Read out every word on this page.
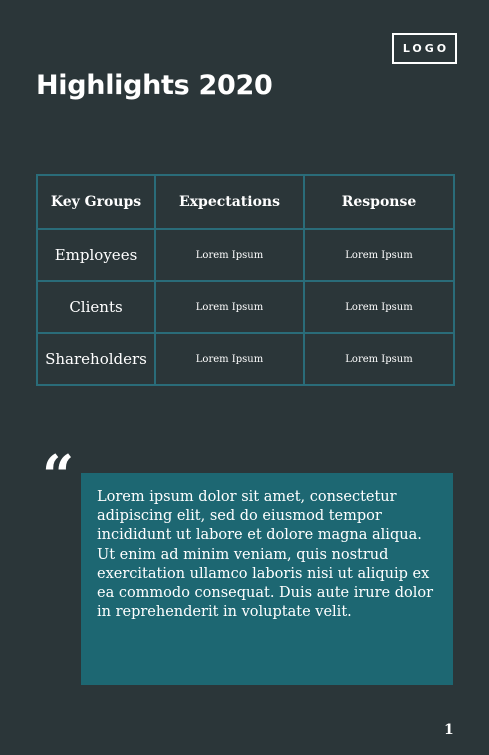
LOGO
Highlights 2020
Key Groups	Expectations	Response
Employees	Lorem Ipsum	Lorem Ipsum
Clients	Lorem Ipsum	Lorem Ipsum
Shareholders	Lorem Ipsum	Lorem Ipsum
“ Lorem ipsum dolor sit amet, consectetur adipiscing elit, sed do eiusmod tempor incididunt ut labore et dolore magna aliqua. Ut enim ad minim veniam, quis nostrud exercitation ullamco laboris nisi ut aliquip ex ea commodo consequat. Duis aute irure dolor in reprehenderit in voluptate velit.

1
